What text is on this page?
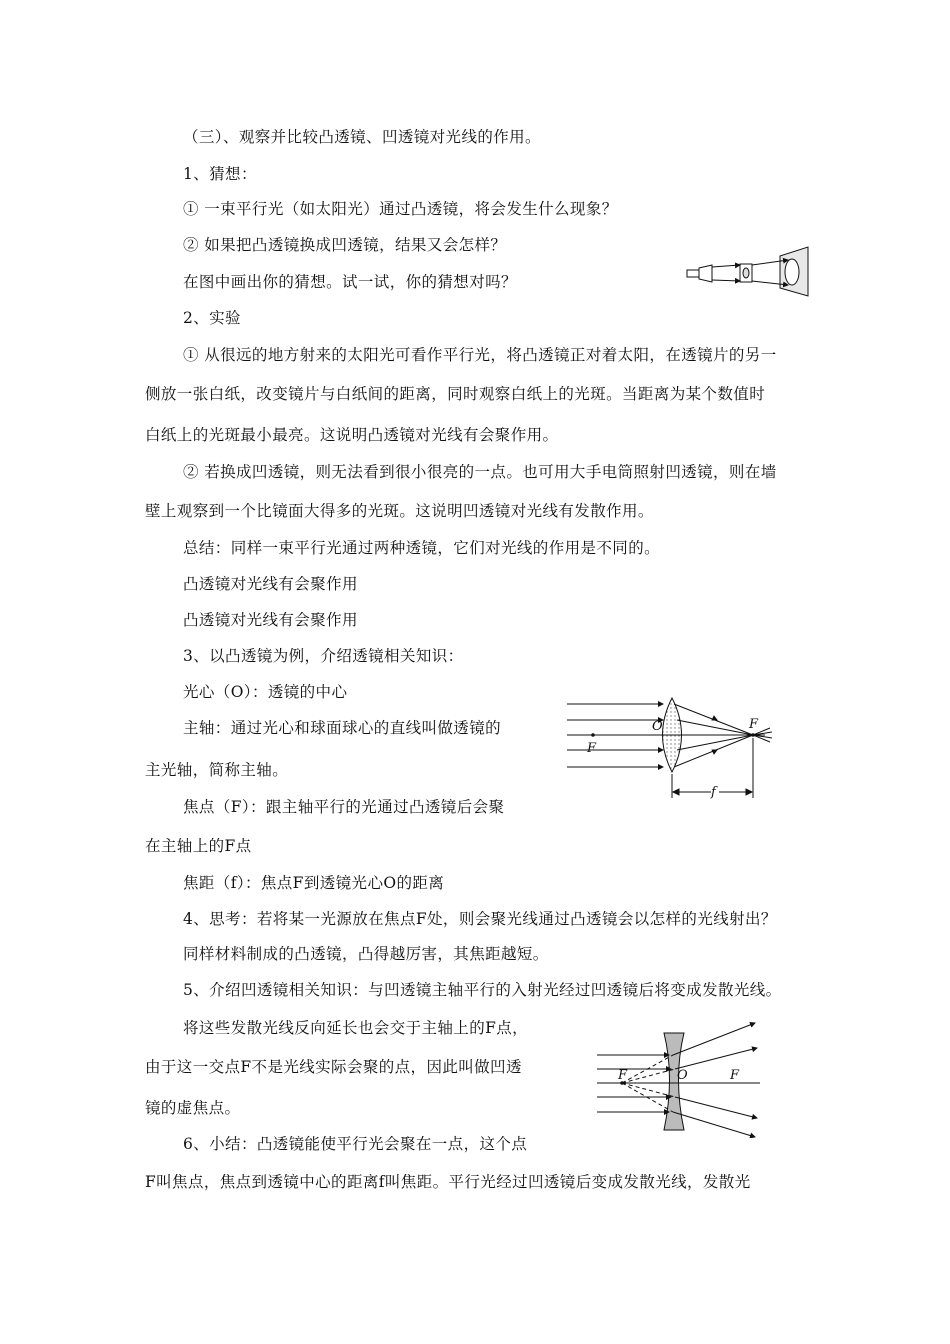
（三）、观察并比较凸透镜、凹透镜对光线的作用。
1、猜想：
① 一束平行光（如太阳光）通过凸透镜，将会发生什么现象？
② 如果把凸透镜换成凹透镜，结果又会怎样？
在图中画出你的猜想。试一试，你的猜想对吗？
2、实验
① 从很远的地方射来的太阳光可看作平行光，将凸透镜正对着太阳，在透镜片的另一
侧放一张白纸，改变镜片与白纸间的距离，同时观察白纸上的光斑。当距离为某个数值时
白纸上的光斑最小最亮。这说明凸透镜对光线有会聚作用。
② 若换成凹透镜，则无法看到很小很亮的一点。也可用大手电筒照射凹透镜，则在墙
壁上观察到一个比镜面大得多的光斑。这说明凹透镜对光线有发散作用。
总结：同样一束平行光通过两种透镜，它们对光线的作用是不同的。
凸透镜对光线有会聚作用
凸透镜对光线有会聚作用
3、以凸透镜为例，介绍透镜相关知识：
光心（O）：透镜的中心
主轴：通过光心和球面球心的直线叫做透镜的
主光轴，简称主轴。
焦点（F）：跟主轴平行的光通过凸透镜后会聚
在主轴上的F点
焦距（f）：焦点F到透镜光心O的距离
4、思考：若将某一光源放在焦点F处，则会聚光线通过凸透镜会以怎样的光线射出？
同样材料制成的凸透镜，凸得越厉害，其焦距越短。
5、介绍凹透镜相关知识：与凹透镜主轴平行的入射光经过凹透镜后将变成发散光线。
将这些发散光线反向延长也会交于主轴上的F点，
由于这一交点F不是光线实际会聚的点，因此叫做凹透
镜的虚焦点。
6、小结：凸透镜能使平行光会聚在一点，这个点
F叫焦点，焦点到透镜中心的距离f叫焦距。平行光经过凹透镜后变成发散光线，发散光
O	F
F
f
F	O	F
